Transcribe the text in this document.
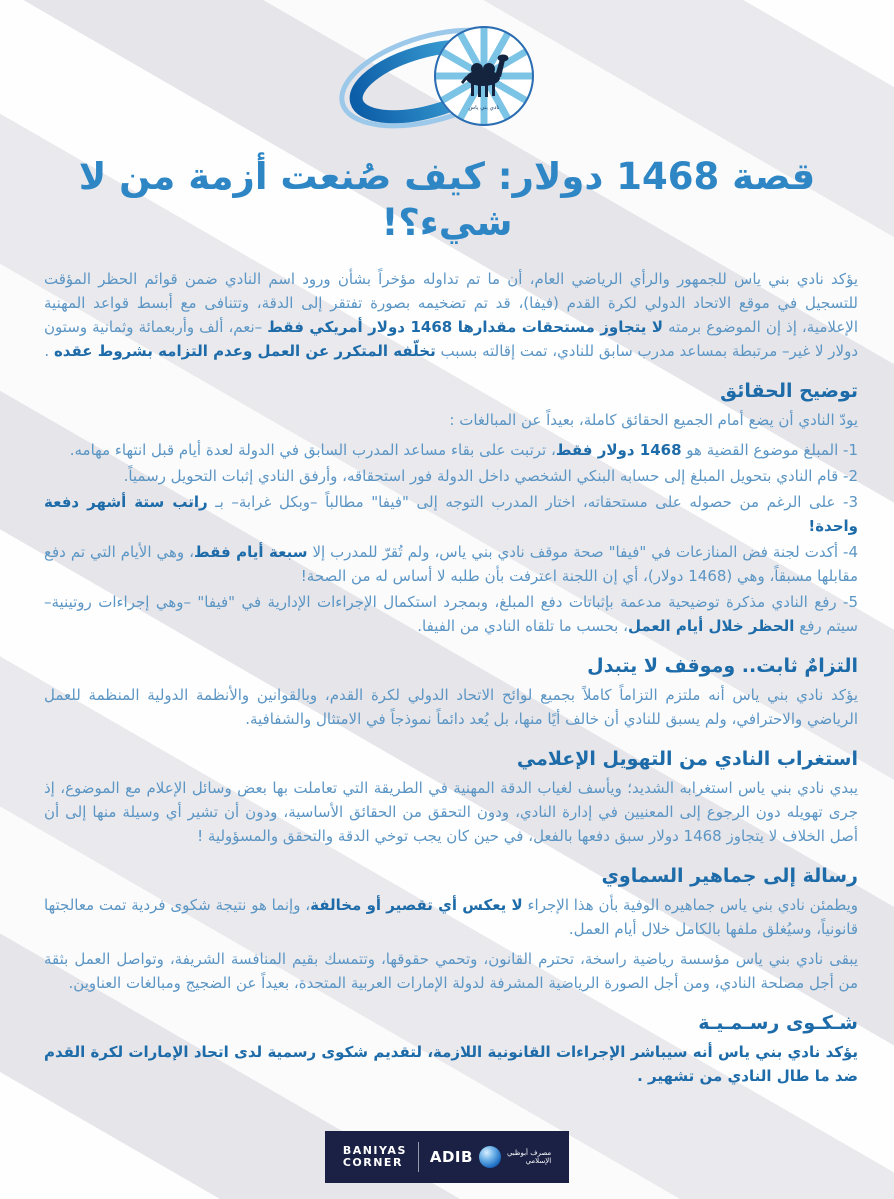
نادي بني ياس
قصة 1468 دولار: كيف صُنعت أزمة من لا شيء؟!

يؤكد نادي بني ياس للجمهور والرأي الرياضي العام، أن ما تم تداوله مؤخراً بشأن ورود اسم النادي ضمن قوائم الحظر المؤقت للتسجيل في موقع الاتحاد الدولي لكرة القدم (فيفا)، قد تم تضخيمه بصورة تفتقر إلى الدقة، وتتنافى مع أبسط قواعد المهنية الإعلامية، إذ إن الموضوع برمته لا يتجاوز مستحقات مقدارها 1468 دولار أمريكي فقط –نعم، ألف وأربعمائة وثمانية وستون دولار لا غير– مرتبطة بمساعد مدرب سابق للنادي، تمت إقالته بسبب تخلّفه المتكرر عن العمل وعدم التزامه بشروط عقده .

توضيح الحقائق

يودّ النادي أن يضع أمام الجميع الحقائق كاملة، بعيداً عن المبالغات :

1- المبلغ موضوع القضية هو 1468 دولار فقط، ترتبت على بقاء مساعد المدرب السابق في الدولة لعدة أيام قبل انتهاء مهامه.
2- قام النادي بتحويل المبلغ إلى حسابه البنكي الشخصي داخل الدولة فور استحقاقه، وأرفق النادي إثبات التحويل رسمياً.
3- على الرغم من حصوله على مستحقاته، اختار المدرب التوجه إلى "فيفا" مطالباً –وبكل غرابة– بـ راتب ستة أشهر دفعة واحدة!
4- أكدت لجنة فض المنازعات في "فيفا" صحة موقف نادي بني ياس، ولم تُقرّ للمدرب إلا سبعة أيام فقط، وهي الأيام التي تم دفع مقابلها مسبقاً، وهي (1468 دولار)، أي إن اللجنة اعترفت بأن طلبه لا أساس له من الصحة!
5- رفع النادي مذكرة توضيحية مدعمة بإثباتات دفع المبلغ، وبمجرد استكمال الإجراءات الإدارية في "فيفا" –وهي إجراءات روتينية– سيتم رفع الحظر خلال أيام العمل، بحسب ما تلقاه النادي من الفيفا.
التزامٌ ثابت.. وموقف لا يتبدل

يؤكد نادي بني ياس أنه ملتزم التزاماً كاملاً بجميع لوائح الاتحاد الدولي لكرة القدم، وبالقوانين والأنظمة الدولية المنظمة للعمل الرياضي والاحترافي، ولم يسبق للنادي أن خالف أيًا منها، بل يُعد دائماً نموذجاً في الامتثال والشفافية.

استغراب النادي من التهويل الإعلامي

يبدي نادي بني ياس استغرابه الشديد؛ ويأسف لغياب الدقة المهنية في الطريقة التي تعاملت بها بعض وسائل الإعلام مع الموضوع، إذ جرى تهويله دون الرجوع إلى المعنيين في إدارة النادي، ودون التحقق من الحقائق الأساسية، ودون أن تشير أي وسيلة منها إلى أن أصل الخلاف لا يتجاوز 1468 دولار سبق دفعها بالفعل، في حين كان يجب توخي الدقة والتحقق والمسؤولية !

رسالة إلى جماهير السماوي

ويطمئن نادي بني ياس جماهيره الوفية بأن هذا الإجراء لا يعكس أي تقصير أو مخالفة، وإنما هو نتيجة شكوى فردية تمت معالجتها قانونياً، وسيُغلق ملفها بالكامل خلال أيام العمل.

يبقى نادي بني ياس مؤسسة رياضية راسخة، تحترم القانون، وتحمي حقوقها، وتتمسك بقيم المنافسة الشريفة، وتواصل العمل بثقة من أجل مصلحة النادي، ومن أجل الصورة الرياضية المشرفة لدولة الإمارات العربية المتحدة، بعيداً عن الضجيج ومبالغات العناوين.

شـكـوى رسـمـيـة

يؤكد نادي بني ياس أنه سيباشر الإجراءات القانونية اللازمة، لتقديم شكوى رسمية لدى اتحاد الإمارات لكرة القدم ضد ما طال النادي من تشهير .

BANIYAS
CORNER ADIB	مصرف أبوظبي
الإسلامي
